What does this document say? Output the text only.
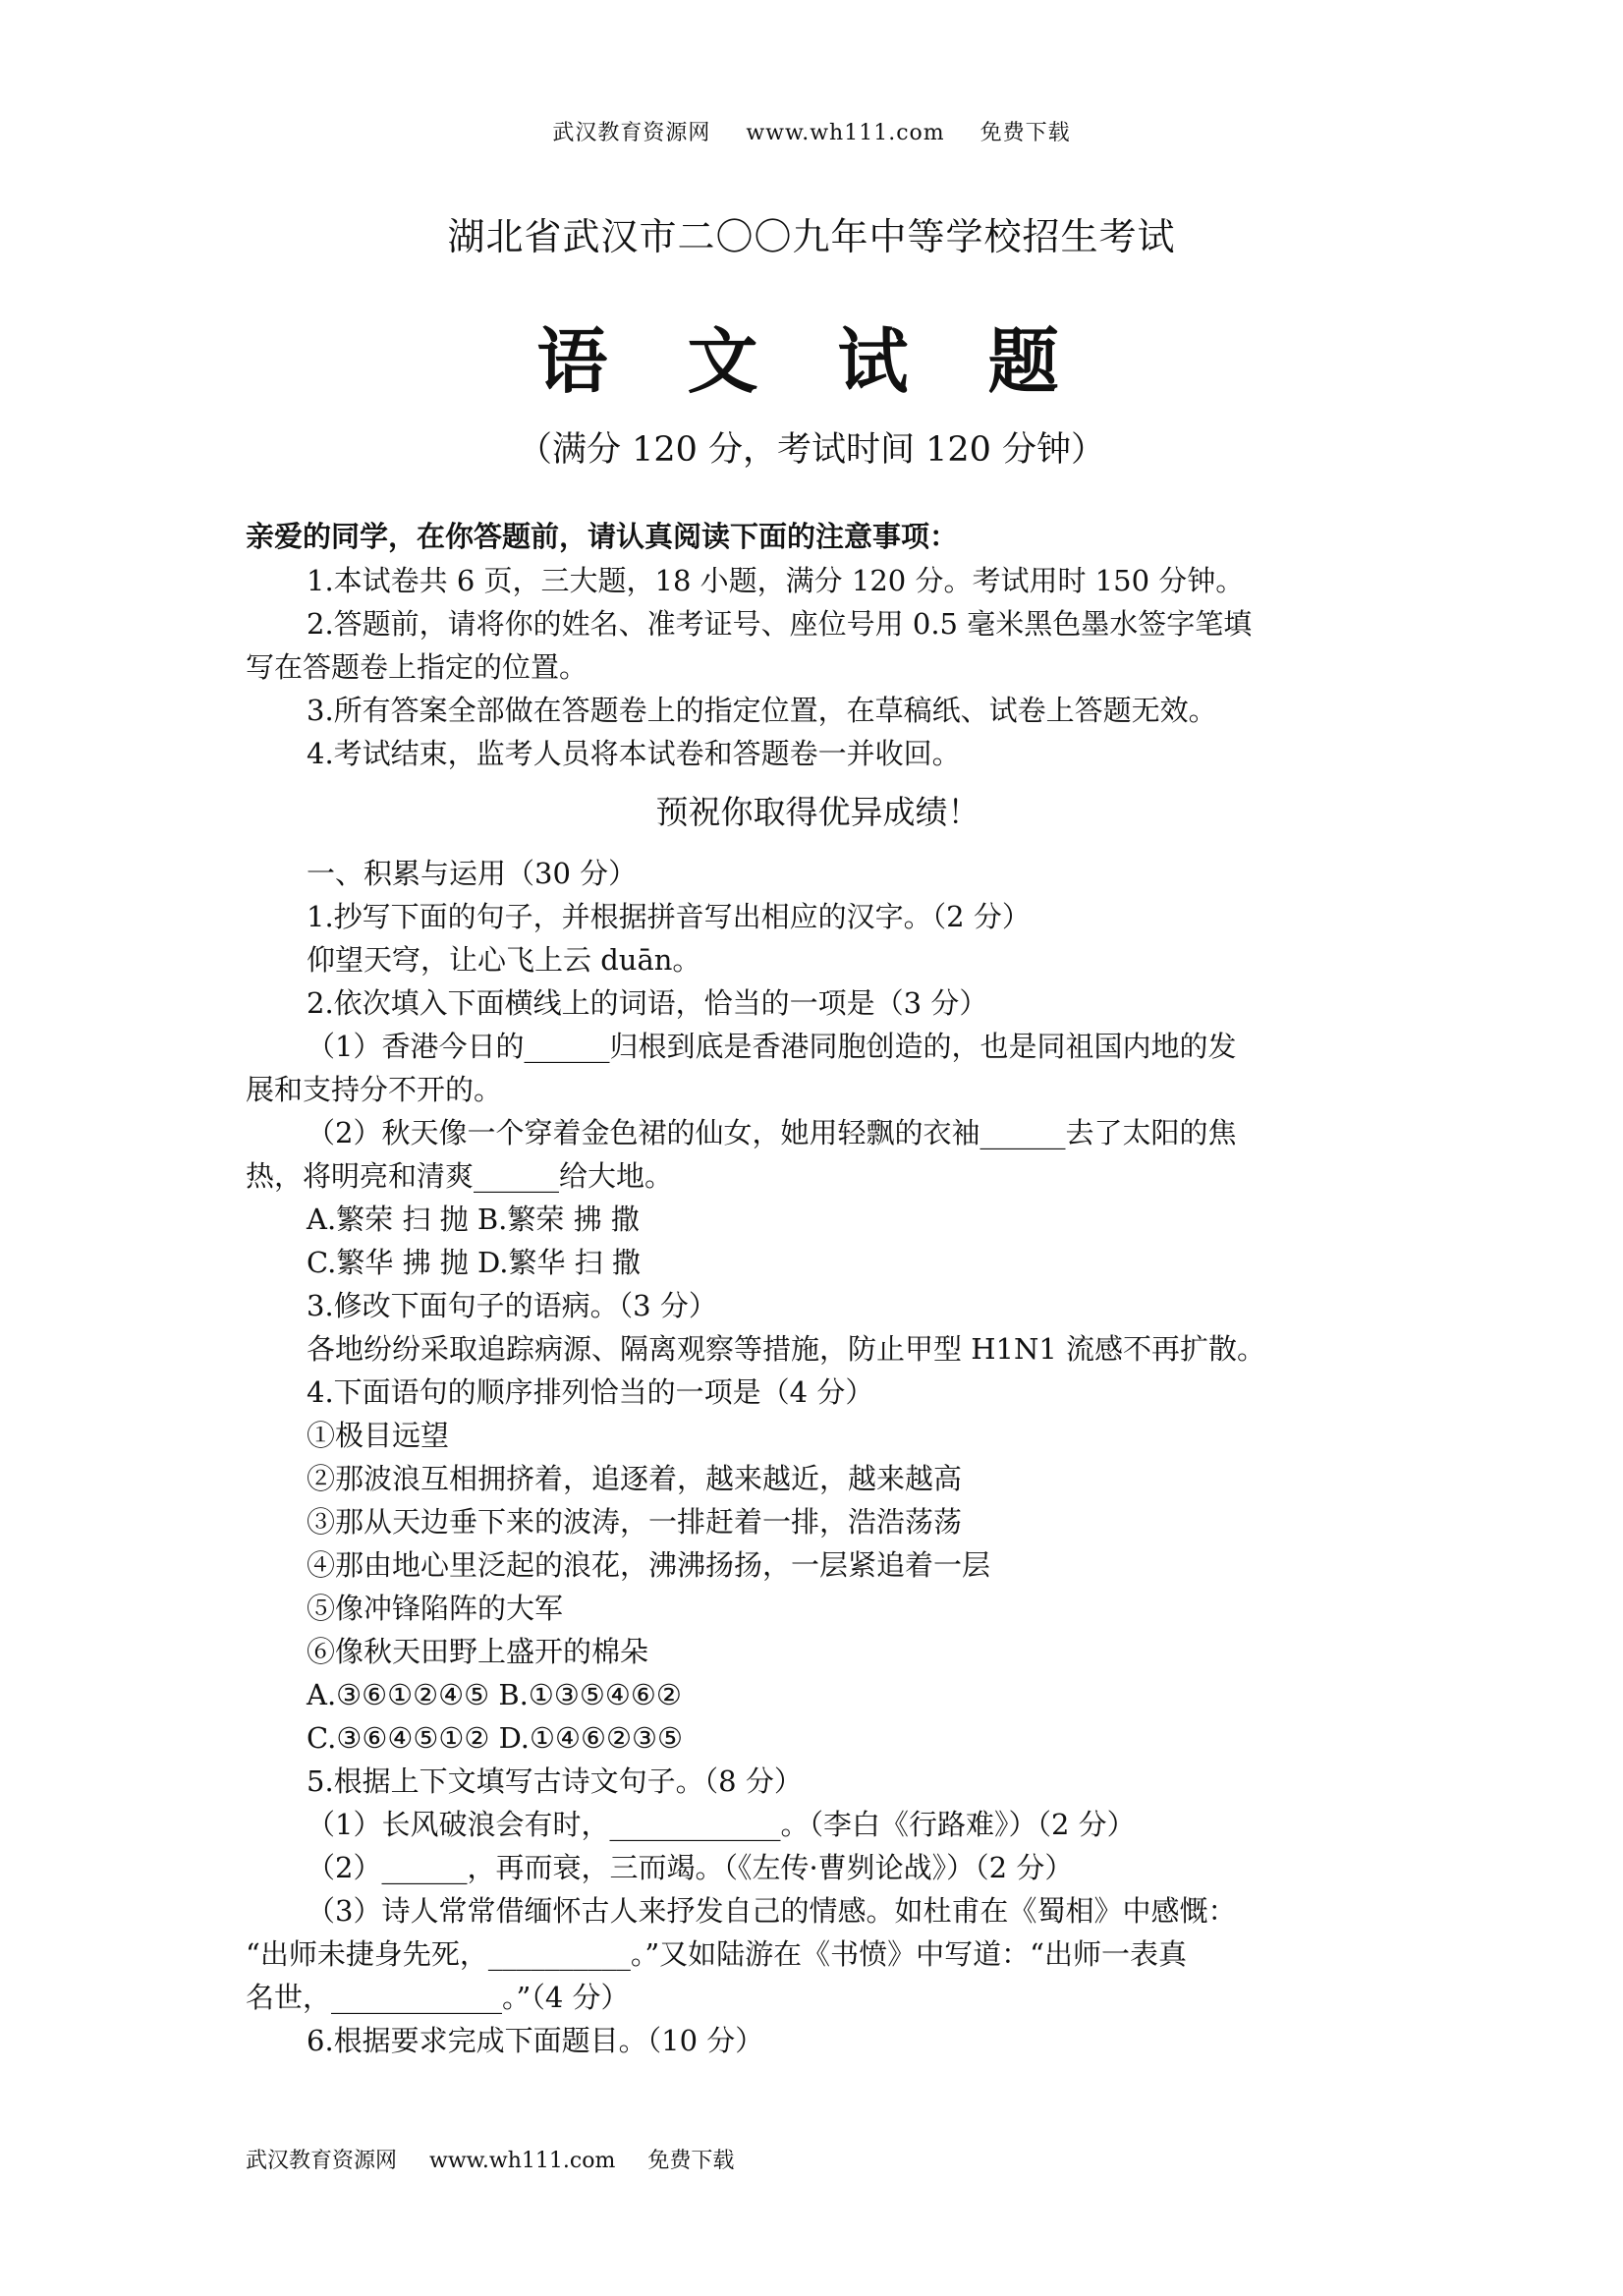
武汉教育资源网 www.wh111.com 免费下载
湖北省武汉市二〇〇九年中等学校招生考试
语 文 试 题
（满分 120 分，考试时间 120 分钟）
亲爱的同学，在你答题前，请认真阅读下面的注意事项：
1.本试卷共 6 页，三大题，18 小题，满分 120 分。考试用时 150 分钟。
2.答题前，请将你的姓名、准考证号、座位号用 0.5 毫米黑色墨水签字笔填
写在答题卷上指定的位置。
3.所有答案全部做在答题卷上的指定位置，在草稿纸、试卷上答题无效。
4.考试结束，监考人员将本试卷和答题卷一并收回。
预祝你取得优异成绩！
一、积累与运用（30 分）
1.抄写下面的句子，并根据拼音写出相应的汉字。（2 分）
仰望天穹，让心飞上云 duān。
2.依次填入下面横线上的词语，恰当的一项是（3 分）
（1）香港今日的______归根到底是香港同胞创造的，也是同祖国内地的发
展和支持分不开的。
（2）秋天像一个穿着金色裙的仙女，她用轻飘的衣袖______去了太阳的焦
热，将明亮和清爽______给大地。
A.繁荣 扫 抛 B.繁荣 拂 撒
C.繁华 拂 抛 D.繁华 扫 撒
3.修改下面句子的语病。（3 分）
各地纷纷采取追踪病源、隔离观察等措施，防止甲型 H1N1 流感不再扩散。
4.下面语句的顺序排列恰当的一项是（4 分）
①极目远望
②那波浪互相拥挤着，追逐着，越来越近，越来越高
③那从天边垂下来的波涛，一排赶着一排，浩浩荡荡
④那由地心里泛起的浪花，沸沸扬扬，一层紧追着一层
⑤像冲锋陷阵的大军
⑥像秋天田野上盛开的棉朵
A.③⑥①②④⑤ B.①③⑤④⑥②
C.③⑥④⑤①② D.①④⑥②③⑤
5.根据上下文填写古诗文句子。（8 分）
（1）长风破浪会有时，____________。（李白《行路难》）（2 分）
（2）______，再而衰，三而竭。（《左传·曹刿论战》）（2 分）
（3）诗人常常借缅怀古人来抒发自己的情感。如杜甫在《蜀相》中感慨：
“出师未捷身先死，__________。”又如陆游在《书愤》中写道：“出师一表真
名世，____________。”（4 分）
6.根据要求完成下面题目。（10 分）
武汉教育资源网 www.wh111.com 免费下载
